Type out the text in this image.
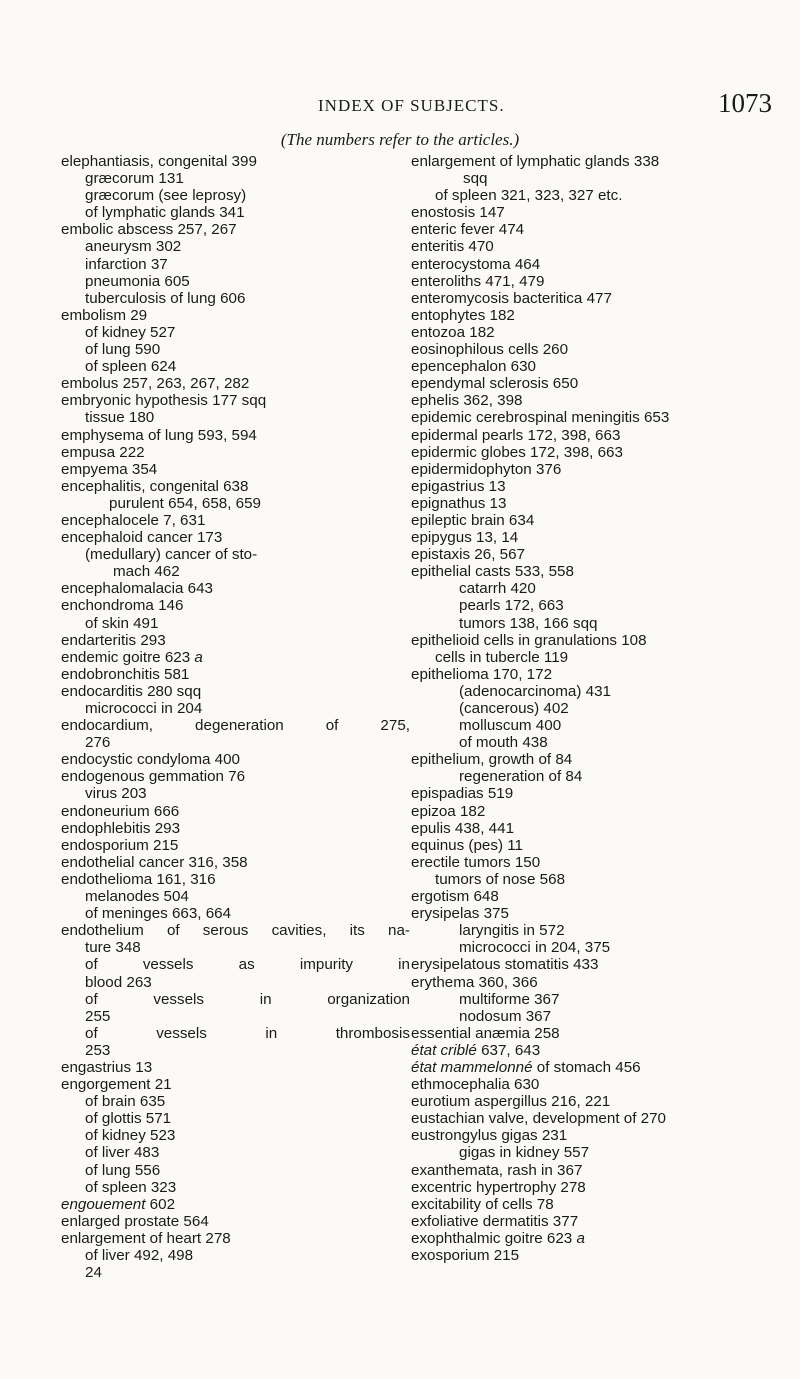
INDEX OF SUBJECTS.	1073
(The numbers refer to the articles.)
elephantiasis, congenital 399
græcorum 131
græcorum (see leprosy)
of lymphatic glands 341
embolic abscess 257, 267
aneurysm 302
infarction 37
pneumonia 605
tuberculosis of lung 606
embolism 29
of kidney 527
of lung 590
of spleen 624
embolus 257, 263, 267, 282
embryonic hypothesis 177 sqq
tissue 180
emphysema of lung 593, 594
empusa 222
empyema 354
encephalitis, congenital 638
purulent 654, 658, 659
encephalocele 7, 631
encephaloid cancer 173
(medullary) cancer of sto-
mach 462
encephalomalacia 643
enchondroma 146
of skin 491
endarteritis 293
endemic goitre 623 a
endobronchitis 581
endocarditis 280 sqq
micrococci in 204
endocardium,	degeneration	of	275,
276
endocystic condyloma 400
endogenous gemmation 76
virus 203
endoneurium 666
endophlebitis 293
endosporium 215
endothelial cancer 316, 358
endothelioma 161, 316
melanodes 504
of meninges 663, 664
endothelium of serous cavities, its na-
ture 348
of	vessels	as	impurity	in
blood 263
of	vessels	in	organization
255
of	vessels	in	thrombosis
253
engastrius 13
engorgement 21
of brain 635
of glottis 571
of kidney 523
of liver 483
of lung 556
of spleen 323
engouement 602
enlarged prostate 564
enlargement of heart 278
of liver 492, 498
24
enlargement of lymphatic glands 338
sqq
of spleen 321, 323, 327 etc.
enostosis 147
enteric fever 474
enteritis 470
enterocystoma 464
enteroliths 471, 479
enteromycosis bacteritica 477
entophytes 182
entozoa 182
eosinophilous cells 260
epencephalon 630
ependymal sclerosis 650
ephelis 362, 398
epidemic cerebrospinal meningitis 653
epidermal pearls 172, 398, 663
epidermic globes 172, 398, 663
epidermidophyton 376
epigastrius 13
epignathus 13
epileptic brain 634
epipygus 13, 14
epistaxis 26, 567
epithelial casts 533, 558
catarrh 420
pearls 172, 663
tumors 138, 166 sqq
epithelioid cells in granulations 108
cells in tubercle 119
epithelioma 170, 172
(adenocarcinoma) 431
(cancerous) 402
molluscum 400
of mouth 438
epithelium, growth of 84
regeneration of 84
epispadias 519
epizoa 182
epulis 438, 441
equinus (pes) 11
erectile tumors 150
tumors of nose 568
ergotism 648
erysipelas 375
laryngitis in 572
micrococci in 204, 375
erysipelatous stomatitis 433
erythema 360, 366
multiforme 367
nodosum 367
essential anæmia 258
état criblé 637, 643
état mammelonné of stomach 456
ethmocephalia 630
eurotium aspergillus 216, 221
eustachian valve, development of 270
eustrongylus gigas 231
gigas in kidney 557
exanthemata, rash in 367
excentric hypertrophy 278
excitability of cells 78
exfoliative dermatitis 377
exophthalmic goitre 623 a
exosporium 215
